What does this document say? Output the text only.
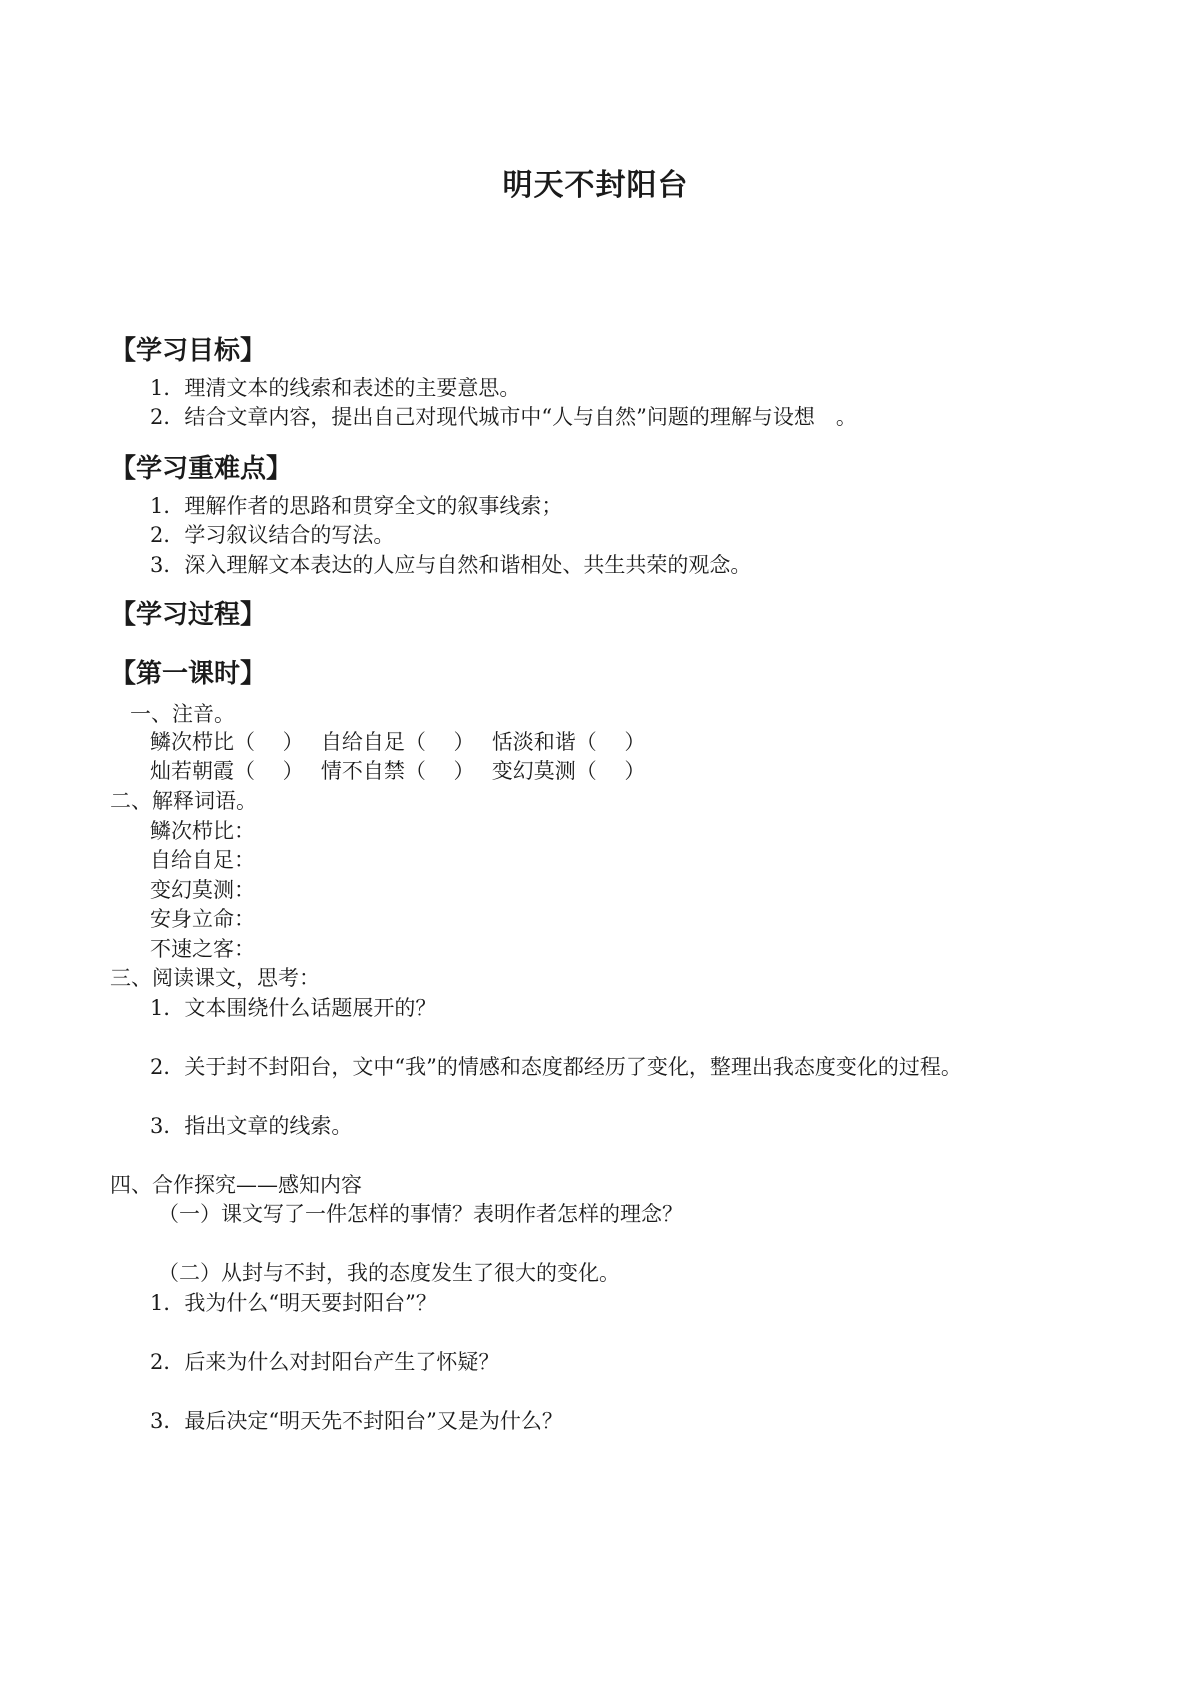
明天不封阳台
【学习目标】
1．理清文本的线索和表述的主要意思。
2．结合文章内容，提出自己对现代城市中“人与自然”问题的理解与设想　。
【学习重难点】
1．理解作者的思路和贯穿全文的叙事线索；
2．学习叙议结合的写法。
3．深入理解文本表达的人应与自然和谐相处、共生共荣的观念。
【学习过程】
【第一课时】
一、注音。
鳞次栉比（　 ）　 自给自足（　 ）　 恬淡和谐（　 ）
灿若朝霞（　 ）　 情不自禁（　 ）　 变幻莫测（　 ）
二、解释词语。
鳞次栉比：
自给自足：
变幻莫测：
安身立命：
不速之客：
三、阅读课文，思考：
1．文本围绕什么话题展开的？
2．关于封不封阳台，文中“我”的情感和态度都经历了变化，整理出我态度变化的过程。
3．指出文章的线索。
四、合作探究——感知内容
（一）课文写了一件怎样的事情？表明作者怎样的理念？
（二）从封与不封，我的态度发生了很大的变化。
1．我为什么“明天要封阳台”？
2．后来为什么对封阳台产生了怀疑？
3．最后决定“明天先不封阳台”又是为什么？
